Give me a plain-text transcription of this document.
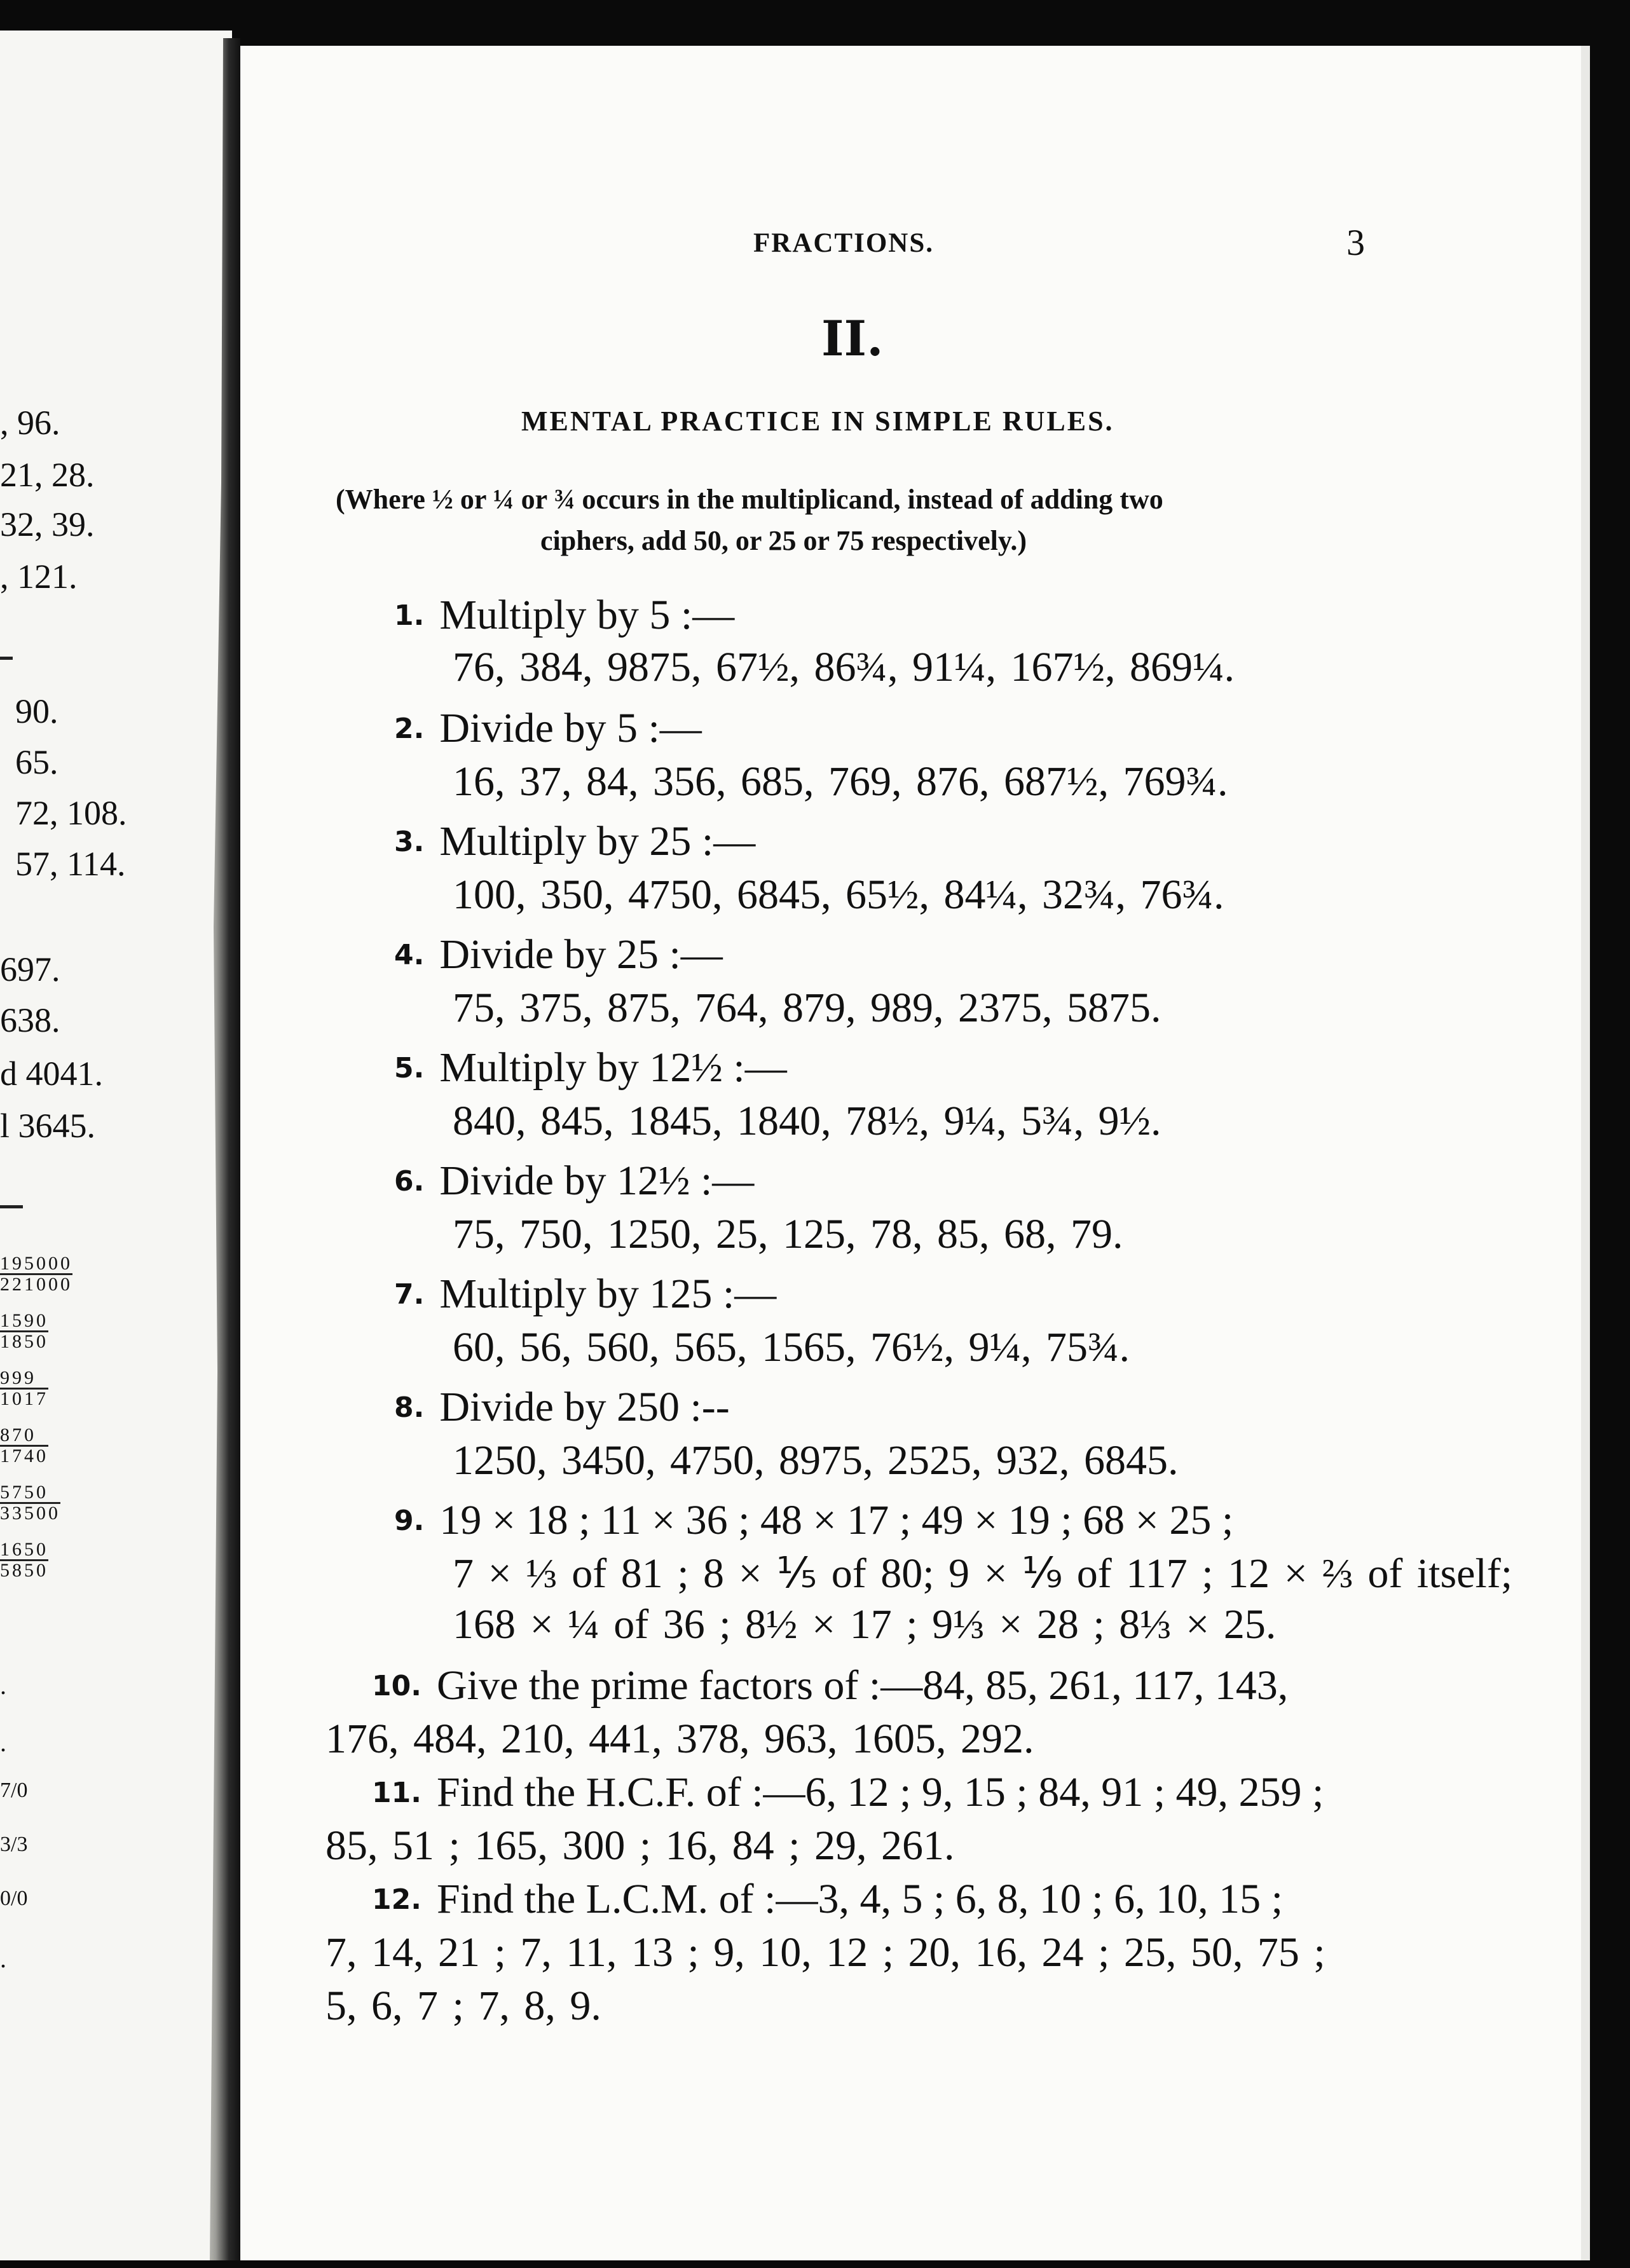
, 96.
21, 28.
32, 39.
, 121.
90.
65.
72, 108.
57, 114.
697.
638.
d 4041.
l 3645.
$\frac{195000}{221000}$
$\frac{1590}{1850}$
$\frac{999}{1017}$
$\frac{870}{1740}$
$\frac{5750}{33500}$
$\frac{1650}{5850}$
.
.
7/0
3/3
0/0
.
FRACTIONS.	3
II.
MENTAL PRACTICE IN SIMPLE RULES.
(Where ½ or ¼ or ¾ occurs in the multiplicand, instead of adding two
ciphers, add 50, or 25 or 75 respectively.)
1. Multiply by 5 :—
76, 384, 9875, 67½, 86¾, 91¼, 167½, 869¼.
2. Divide by 5 :—
16, 37, 84, 356, 685, 769, 876, 687½, 769¾.
3. Multiply by 25 :—
100, 350, 4750, 6845, 65½, 84¼, 32¾, 76¾.
4. Divide by 25 :—
75, 375, 875, 764, 879, 989, 2375, 5875.
5. Multiply by 12½ :—
840, 845, 1845, 1840, 78½, 9¼, 5¾, 9½.
6. Divide by 12½ :—
75, 750, 1250, 25, 125, 78, 85, 68, 79.
7. Multiply by 125 :—
60, 56, 560, 565, 1565, 76½, 9¼, 75¾.
8. Divide by 250 :--
1250, 3450, 4750, 8975, 2525, 932, 6845.
9. 19 × 18 ; 11 × 36 ; 48 × 17 ; 49 × 19 ; 68 × 25 ;
7 × ⅓ of 81 ; 8 × ⅕ of 80; 9 × ⅑ of 117 ; 12 × ⅔ of itself;
168 × ¼ of 36 ; 8½ × 17 ; 9⅓ × 28 ; 8⅓ × 25.
10. Give the prime factors of :—84, 85, 261, 117, 143,
176, 484, 210, 441, 378, 963, 1605, 292.
11. Find the H.C.F. of :—6, 12 ; 9, 15 ; 84, 91 ; 49, 259 ;
85, 51 ; 165, 300 ; 16, 84 ; 29, 261.
12. Find the L.C.M. of :—3, 4, 5 ; 6, 8, 10 ; 6, 10, 15 ;
7, 14, 21 ; 7, 11, 13 ; 9, 10, 12 ; 20, 16, 24 ; 25, 50, 75 ;
5, 6, 7 ; 7, 8, 9.
